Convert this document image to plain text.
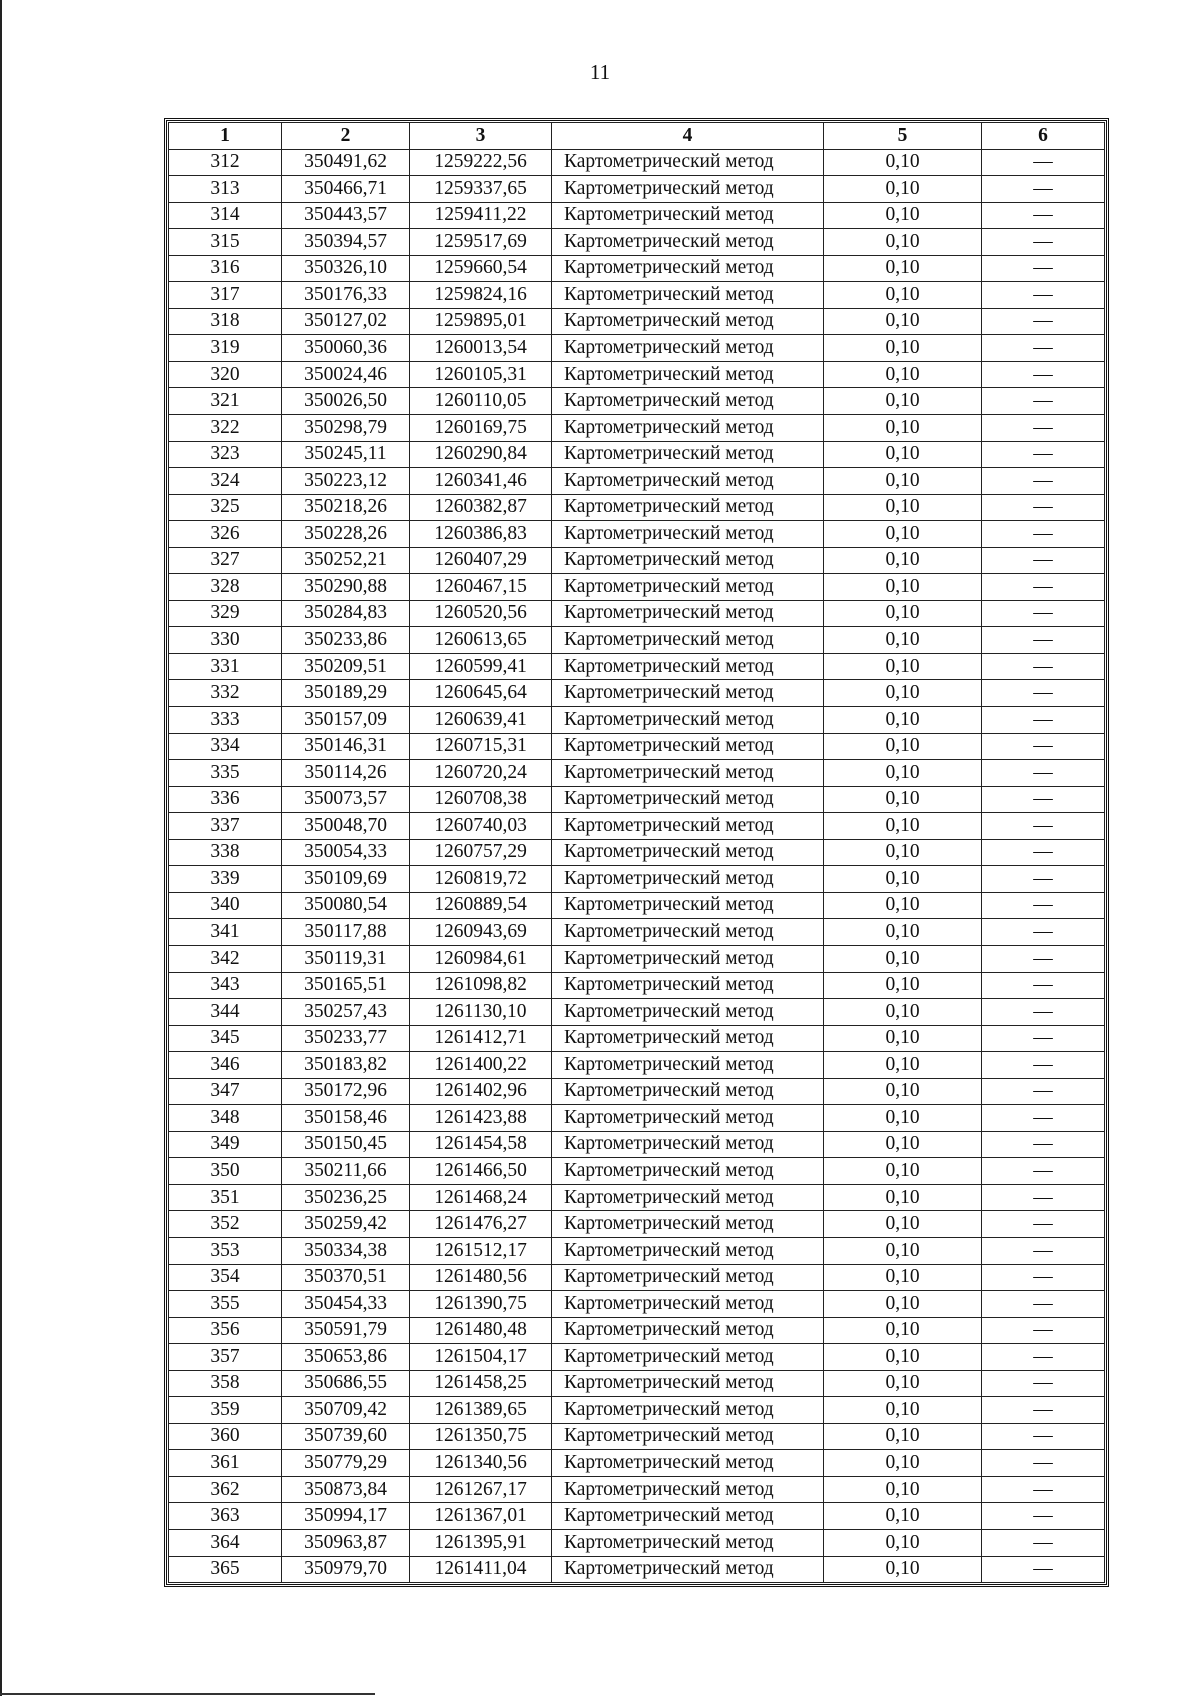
11
1	2	3	4	5	6
312	350491,62	1259222,56	Картометрический метод	0,10	—
313	350466,71	1259337,65	Картометрический метод	0,10	—
314	350443,57	1259411,22	Картометрический метод	0,10	—
315	350394,57	1259517,69	Картометрический метод	0,10	—
316	350326,10	1259660,54	Картометрический метод	0,10	—
317	350176,33	1259824,16	Картометрический метод	0,10	—
318	350127,02	1259895,01	Картометрический метод	0,10	—
319	350060,36	1260013,54	Картометрический метод	0,10	—
320	350024,46	1260105,31	Картометрический метод	0,10	—
321	350026,50	1260110,05	Картометрический метод	0,10	—
322	350298,79	1260169,75	Картометрический метод	0,10	—
323	350245,11	1260290,84	Картометрический метод	0,10	—
324	350223,12	1260341,46	Картометрический метод	0,10	—
325	350218,26	1260382,87	Картометрический метод	0,10	—
326	350228,26	1260386,83	Картометрический метод	0,10	—
327	350252,21	1260407,29	Картометрический метод	0,10	—
328	350290,88	1260467,15	Картометрический метод	0,10	—
329	350284,83	1260520,56	Картометрический метод	0,10	—
330	350233,86	1260613,65	Картометрический метод	0,10	—
331	350209,51	1260599,41	Картометрический метод	0,10	—
332	350189,29	1260645,64	Картометрический метод	0,10	—
333	350157,09	1260639,41	Картометрический метод	0,10	—
334	350146,31	1260715,31	Картометрический метод	0,10	—
335	350114,26	1260720,24	Картометрический метод	0,10	—
336	350073,57	1260708,38	Картометрический метод	0,10	—
337	350048,70	1260740,03	Картометрический метод	0,10	—
338	350054,33	1260757,29	Картометрический метод	0,10	—
339	350109,69	1260819,72	Картометрический метод	0,10	—
340	350080,54	1260889,54	Картометрический метод	0,10	—
341	350117,88	1260943,69	Картометрический метод	0,10	—
342	350119,31	1260984,61	Картометрический метод	0,10	—
343	350165,51	1261098,82	Картометрический метод	0,10	—
344	350257,43	1261130,10	Картометрический метод	0,10	—
345	350233,77	1261412,71	Картометрический метод	0,10	—
346	350183,82	1261400,22	Картометрический метод	0,10	—
347	350172,96	1261402,96	Картометрический метод	0,10	—
348	350158,46	1261423,88	Картометрический метод	0,10	—
349	350150,45	1261454,58	Картометрический метод	0,10	—
350	350211,66	1261466,50	Картометрический метод	0,10	—
351	350236,25	1261468,24	Картометрический метод	0,10	—
352	350259,42	1261476,27	Картометрический метод	0,10	—
353	350334,38	1261512,17	Картометрический метод	0,10	—
354	350370,51	1261480,56	Картометрический метод	0,10	—
355	350454,33	1261390,75	Картометрический метод	0,10	—
356	350591,79	1261480,48	Картометрический метод	0,10	—
357	350653,86	1261504,17	Картометрический метод	0,10	—
358	350686,55	1261458,25	Картометрический метод	0,10	—
359	350709,42	1261389,65	Картометрический метод	0,10	—
360	350739,60	1261350,75	Картометрический метод	0,10	—
361	350779,29	1261340,56	Картометрический метод	0,10	—
362	350873,84	1261267,17	Картометрический метод	0,10	—
363	350994,17	1261367,01	Картометрический метод	0,10	—
364	350963,87	1261395,91	Картометрический метод	0,10	—
365	350979,70	1261411,04	Картометрический метод	0,10	—
